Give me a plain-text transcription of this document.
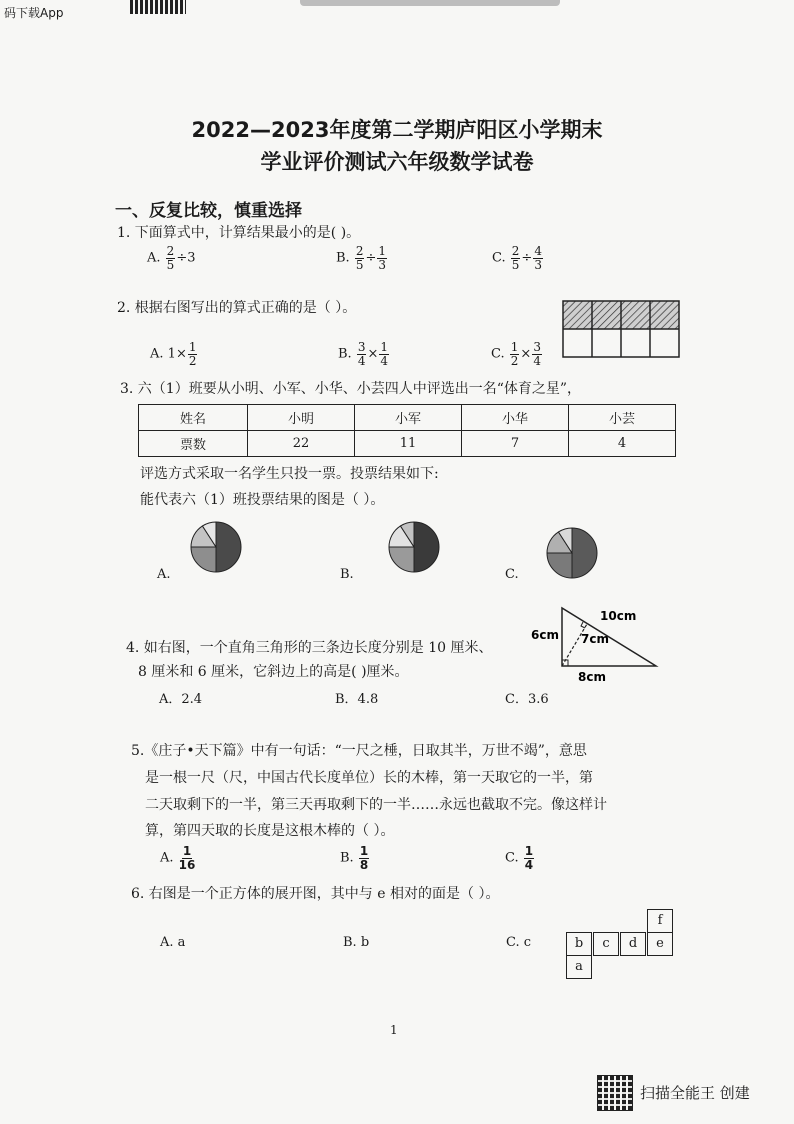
码下载App
2022—2023年度第二学期庐阳区小学期末
学业评价测试六年级数学试卷
一、反复比较，慎重选择
1. 下面算式中，计算结果最小的是( )。
A. $\frac{2}{5} \div 3$	B. $\frac{2}{5} \div \frac{1}{3}$	C. $\frac{2}{5} \div \frac{4}{3}$
2. 根据右图写出的算式正确的是（ ）。
A. $1\times \frac{1}{2}$	B. $\frac{3}{4} \times \frac{1}{4}$	C. $\frac{1}{2} \times \frac{3}{4}$
3. 六（1）班要从小明、小军、小华、小芸四人中评选出一名“体育之星”，
姓名	小明	小军	小华	小芸
票数	22	11	7	4
评选方式采取一名学生只投一票。投票结果如下:
能代表六（1）班投票结果的图是（ ）。
A.	B.	C.
10cm
6cm 7cm
8cm
4. 如右图，一个直角三角形的三条边长度分别是 10 厘米、
8 厘米和 6 厘米，它斜边上的高是( )厘米。
A．2.4	B．4.8	C．3.6
5.《庄子•天下篇》中有一句话：“一尺之棰，日取其半，万世不竭”，意思
是一根一尺（尺，中国古代长度单位）长的木棒，第一天取它的一半，第
二天取剩下的一半，第三天再取剩下的一半……永远也截取不完。像这样计
算，第四天取的长度是这根木棒的（ ）。
A. $\frac{1}{16}$	B. $\frac{1}{8}$	C. $\frac{1}{4}$
6. 右图是一个正方体的展开图，其中与 e 相对的面是（ ）。
A. a	B. b	C. c
f
b	c	d	e
a
1
扫描全能王 创建
